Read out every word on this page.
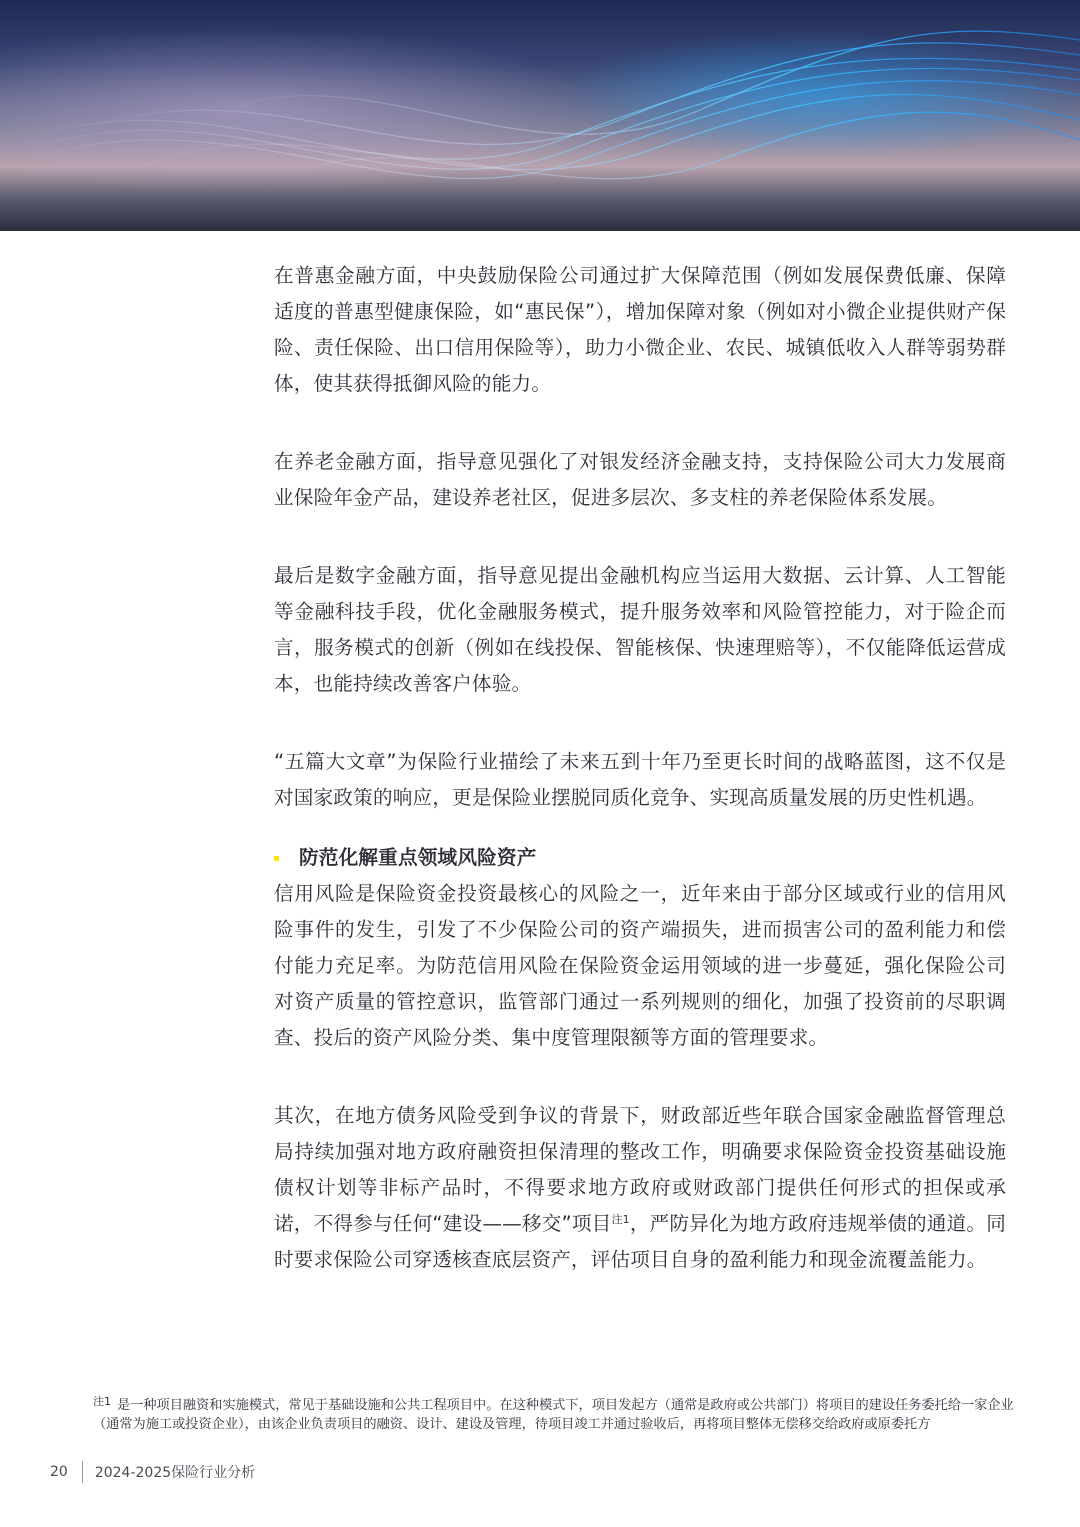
在普惠金融方面，中央鼓励保险公司通过扩大保障范围（例如发展保费低廉、保障适度的普惠型健康保险，如“惠民保”），增加保障对象（例如对小微企业提供财产保险、责任保险、出口信用保险等），助力小微企业、农民、城镇低收入人群等弱势群体，使其获得抵御风险的能力。

在养老金融方面，指导意见强化了对银发经济金融支持，支持保险公司大力发展商业保险年金产品，建设养老社区，促进多层次、多支柱的养老保险体系发展。

最后是数字金融方面，指导意见提出金融机构应当运用大数据、云计算、人工智能等金融科技手段，优化金融服务模式，提升服务效率和风险管控能力，对于险企而言，服务模式的创新（例如在线投保、智能核保、快速理赔等），不仅能降低运营成本，也能持续改善客户体验。

“五篇大文章”为保险行业描绘了未来五到十年乃至更长时间的战略蓝图，这不仅是对国家政策的响应，更是保险业摆脱同质化竞争、实现高质量发展的历史性机遇。

防范化解重点领域风险资产

信用风险是保险资金投资最核心的风险之一，近年来由于部分区域或行业的信用风险事件的发生，引发了不少保险公司的资产端损失，进而损害公司的盈利能力和偿付能力充足率。为防范信用风险在保险资金运用领域的进一步蔓延，强化保险公司对资产质量的管控意识，监管部门通过一系列规则的细化，加强了投资前的尽职调查、投后的资产风险分类、集中度管理限额等方面的管理要求。

其次，在地方债务风险受到争议的背景下，财政部近些年联合国家金融监督管理总局持续加强对地方政府融资担保清理的整改工作，明确要求保险资金投资基础设施债权计划等非标产品时，不得要求地方政府或财政部门提供任何形式的担保或承诺，不得参与任何“建设——移交”项目$^{注1}$，严防异化为地方政府违规举债的通道。同时要求保险公司穿透核查底层资产，评估项目自身的盈利能力和现金流覆盖能力。

$^{注1}$ 是一种项目融资和实施模式，常见于基础设施和公共工程项目中。在这种模式下，项目发起方（通常是政府或公共部门）将项目的建设任务委托给一家企业（通常为施工或投资企业），由该企业负责项目的融资、设计、建设及管理，待项目竣工并通过验收后，再将项目整体无偿移交给政府或原委托方
20 2024-2025保险行业分析
